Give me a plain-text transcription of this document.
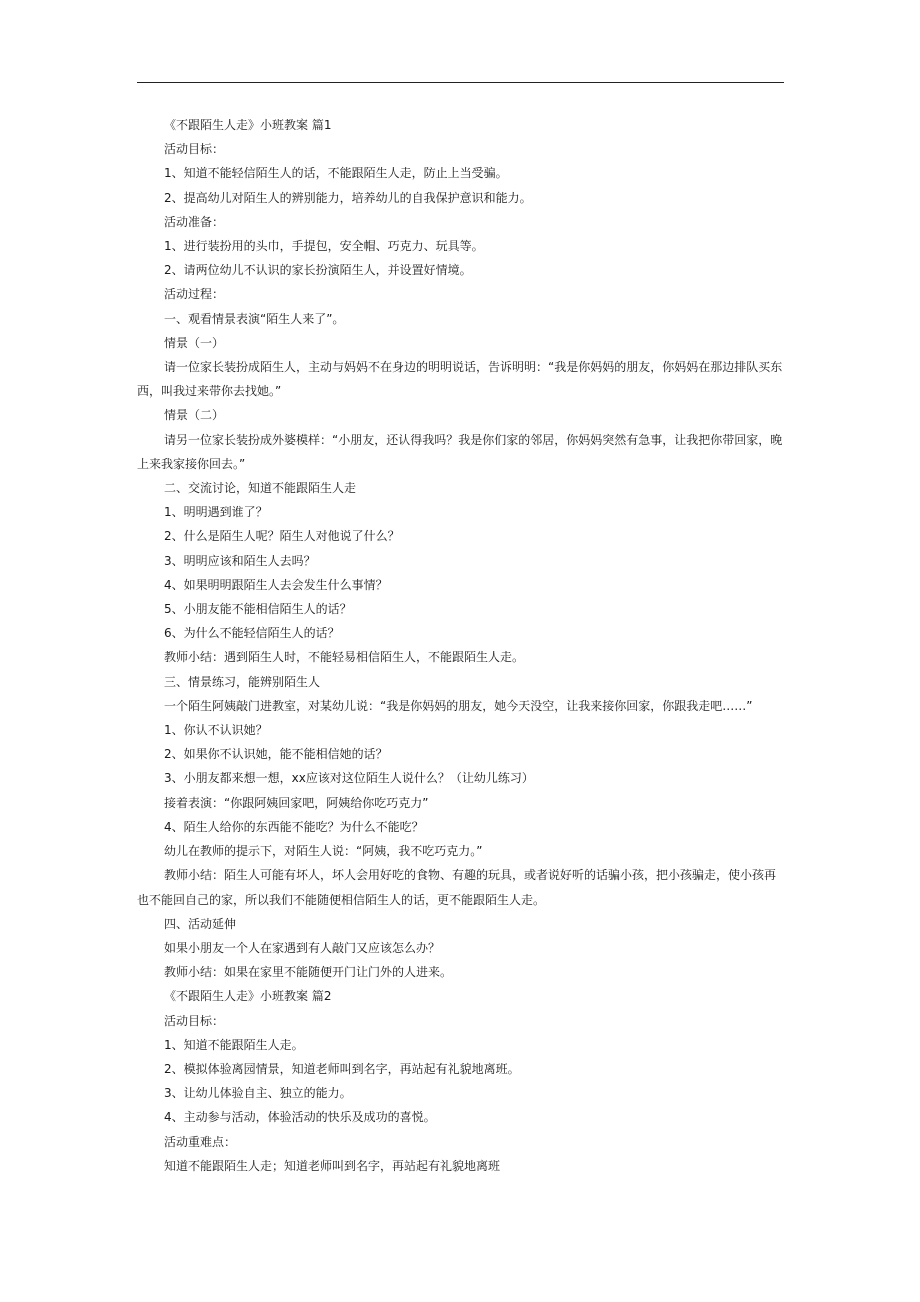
《不跟陌生人走》小班教案 篇1

活动目标：

1、知道不能轻信陌生人的话，不能跟陌生人走，防止上当受骗。

2、提高幼儿对陌生人的辨别能力，培养幼儿的自我保护意识和能力。

活动准备：

1、进行装扮用的头巾，手提包，安全帽、巧克力、玩具等。

2、请两位幼儿不认识的家长扮演陌生人，并设置好情境。

活动过程：

一、观看情景表演“陌生人来了”。

情景（一）

请一位家长装扮成陌生人，主动与妈妈不在身边的明明说话，告诉明明：“我是你妈妈的朋友，你妈妈在那边排队买东西，叫我过来带你去找她。”

情景（二）

请另一位家长装扮成外婆模样：“小朋友，还认得我吗？我是你们家的邻居，你妈妈突然有急事，让我把你带回家，晚上来我家接你回去。”

二、交流讨论，知道不能跟陌生人走

1、明明遇到谁了？

2、什么是陌生人呢？陌生人对他说了什么？

3、明明应该和陌生人去吗？

4、如果明明跟陌生人去会发生什么事情？

5、小朋友能不能相信陌生人的话？

6、为什么不能轻信陌生人的话？

教师小结：遇到陌生人时，不能轻易相信陌生人，不能跟陌生人走。

三、情景练习，能辨别陌生人

一个陌生阿姨敲门进教室，对某幼儿说：“我是你妈妈的朋友，她今天没空，让我来接你回家，你跟我走吧……”

1、你认不认识她？

2、如果你不认识她，能不能相信她的话？

3、小朋友都来想一想，xx应该对这位陌生人说什么？（让幼儿练习）

接着表演：“你跟阿姨回家吧，阿姨给你吃巧克力”

4、陌生人给你的东西能不能吃？为什么不能吃？

幼儿在教师的提示下，对陌生人说：“阿姨，我不吃巧克力。”

教师小结：陌生人可能有坏人，坏人会用好吃的食物、有趣的玩具，或者说好听的话骗小孩，把小孩骗走，使小孩再也不能回自己的家，所以我们不能随便相信陌生人的话，更不能跟陌生人走。

四、活动延伸

如果小朋友一个人在家遇到有人敲门又应该怎么办？

教师小结：如果在家里不能随便开门让门外的人进来。

《不跟陌生人走》小班教案 篇2

活动目标：

1、知道不能跟陌生人走。

2、模拟体验离园情景，知道老师叫到名字，再站起有礼貌地离班。

3、让幼儿体验自主、独立的能力。

4、主动参与活动，体验活动的快乐及成功的喜悦。

活动重难点：

知道不能跟陌生人走；知道老师叫到名字，再站起有礼貌地离班
